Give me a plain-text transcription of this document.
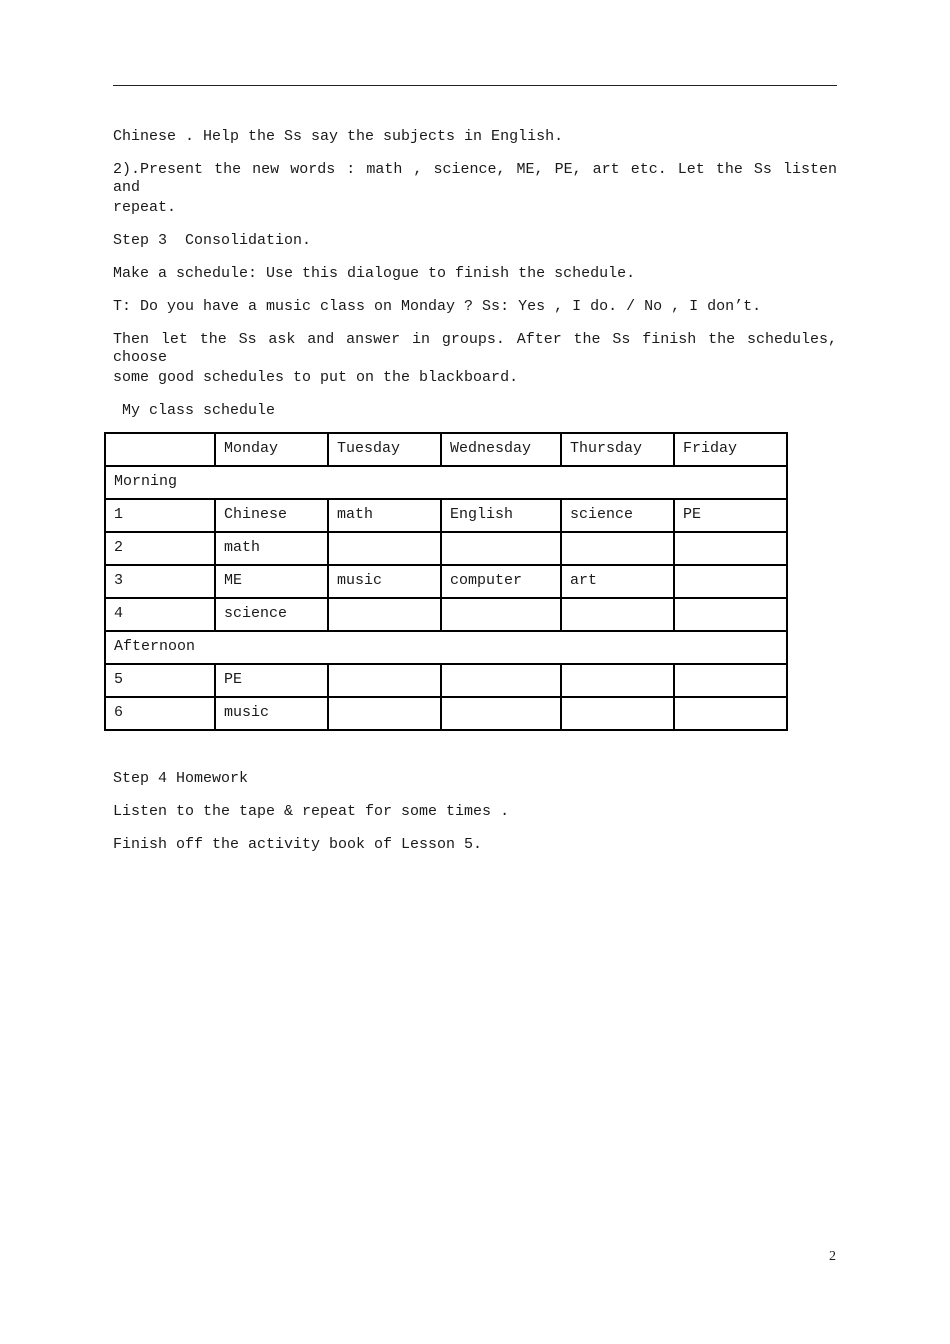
Chinese . Help the Ss say the subjects in English.
2).Present the new words : math , science, ME, PE, art etc. Let the Ss listen and
repeat.
Step 3  Consolidation.
Make a schedule: Use this dialogue to finish the schedule.
T: Do you have a music class on Monday ? Ss: Yes , I do. / No , I don’t.
Then let the Ss ask and answer in groups. After the Ss finish the schedules, choose
some good schedules to put on the blackboard.
My class schedule
	Monday	Tuesday	Wednesday	Thursday	Friday
Morning					
1	Chinese	math	English	science	PE
2	math				
3	ME	music	computer	art	
4	science				
Afternoon					
5	PE				
6	music				
Step 4 Homework
Listen to the tape & repeat for some times .
Finish off the activity book of Lesson 5.
2
